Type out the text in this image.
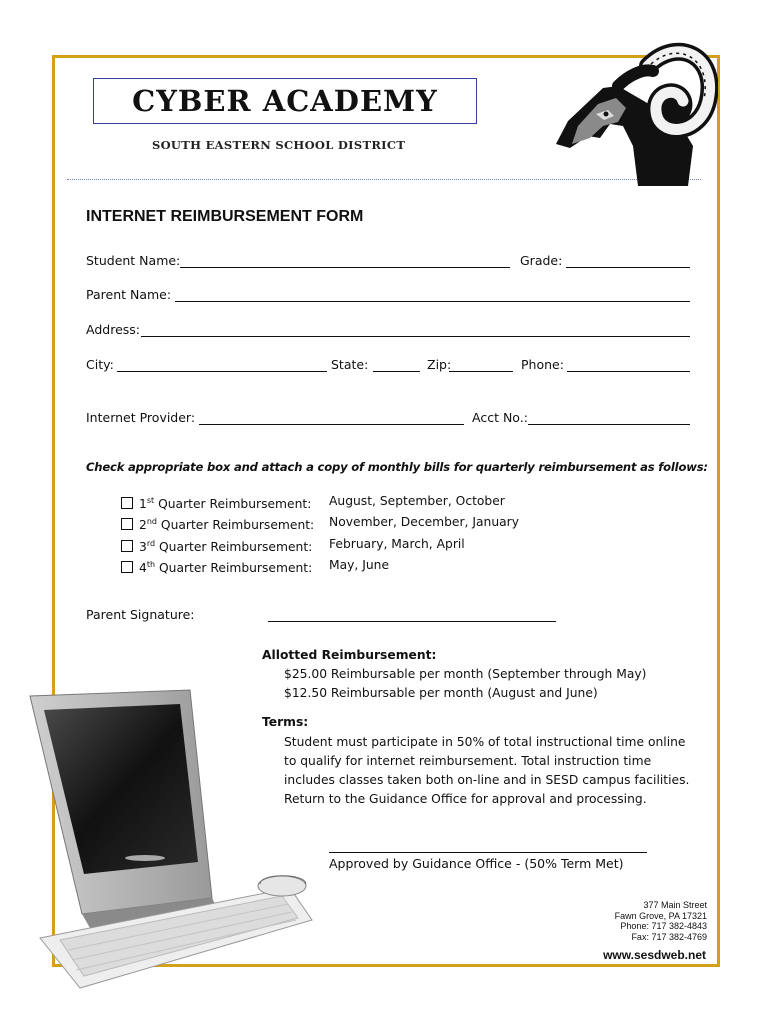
CYBER ACADEMY
SOUTH EASTERN SCHOOL DISTRICT
INTERNET REIMBURSEMENT FORM
Student Name:	Grade:
Parent Name:
Address:
City:	State:	Zip:	Phone:
Internet Provider:	Acct No.:
Check appropriate box and attach a copy of monthly bills for quarterly reimbursement as follows:
1st Quarter Reimbursement: August, September, October
2nd Quarter Reimbursement: November, December, January
3rd Quarter Reimbursement: February, March, April
4th Quarter Reimbursement: May, June
Parent Signature:
Allotted Reimbursement:
$25.00 Reimbursable per month (September through May)
$12.50 Reimbursable per month (August and June)
Terms:
Student must participate in 50% of total instructional time online
to qualify for internet reimbursement. Total instruction time
includes classes taken both on-line and in SESD campus facilities.
Return to the Guidance Office for approval and processing.
Approved by Guidance Office - (50% Term Met)
377 Main Street
Fawn Grove, PA 17321
Phone: 717 382-4843
Fax: 717 382-4769
www.sesdweb.net
